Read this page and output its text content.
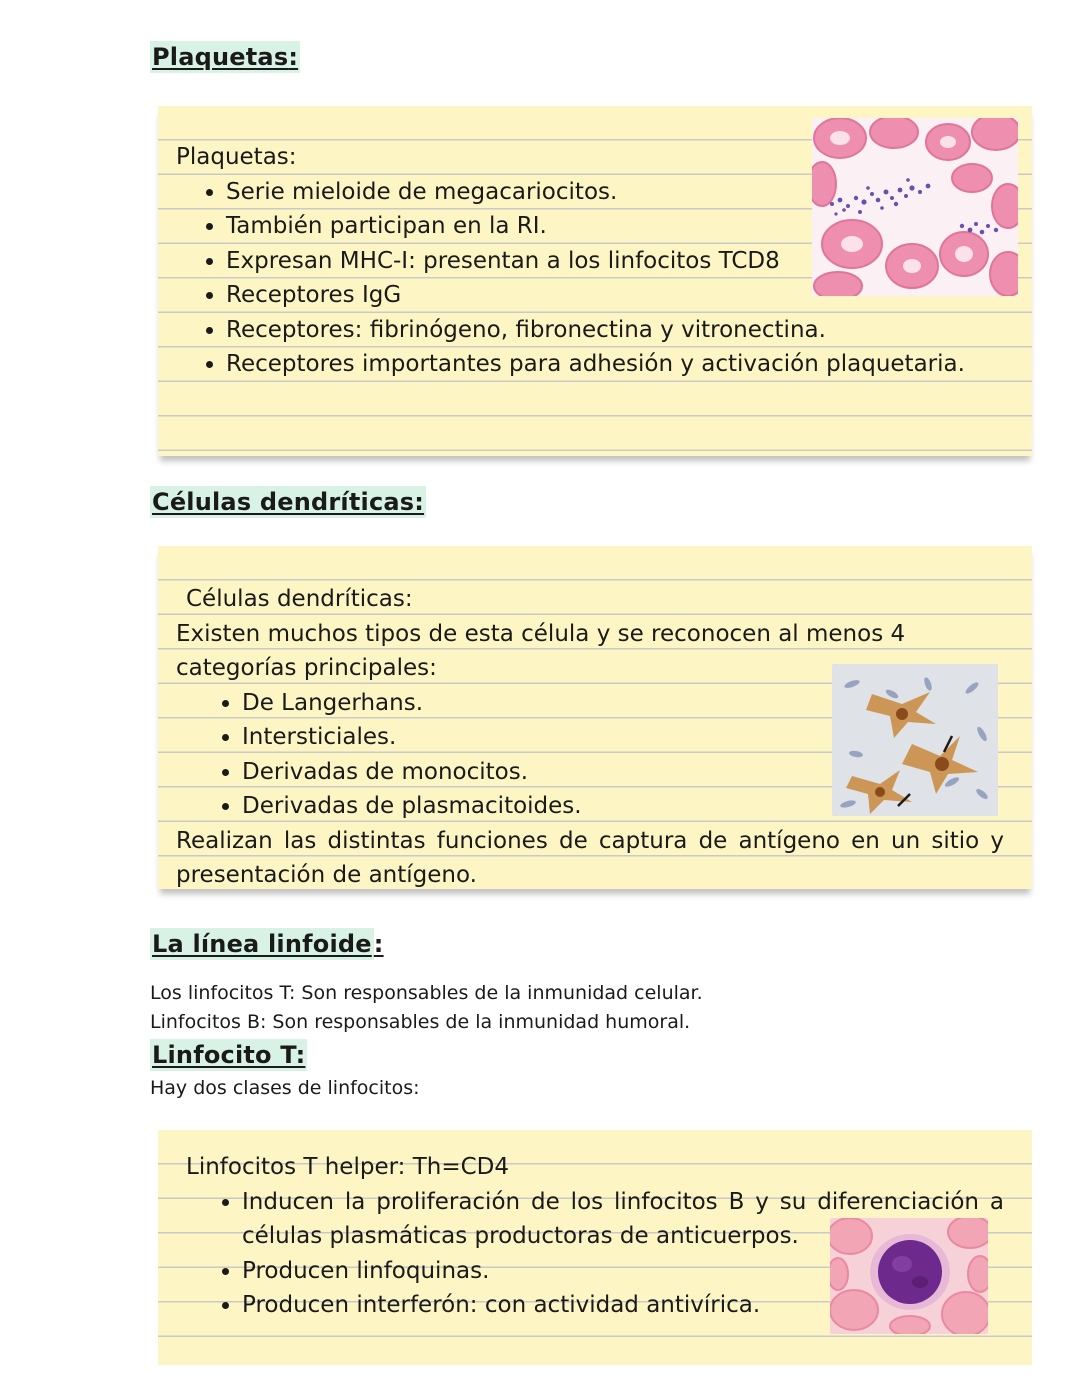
Plaquetas:

Plaquetas:

• Serie mieloide de megacariocitos.
• También participan en la RI.
• Expresan MHC-I: presentan a los linfocitos TCD8
• Receptores IgG
• Receptores: fibrinógeno, fibronectina y vitronectina.
• Receptores importantes para adhesión y activación plaquetaria.
Células dendríticas:

Células dendríticas:

Existen muchos tipos de esta célula y se reconocen al menos 4 categorías principales:

• De Langerhans.
• Intersticiales.
• Derivadas de monocitos.
• Derivadas de plasmacitoides.

Realizan las distintas funciones de captura de antígeno en un sitio y presentación de antígeno.

La línea linfoide:

Los linfocitos T: Son responsables de la inmunidad celular.

Linfocitos B: Son responsables de la inmunidad humoral.

Linfocito T:

Hay dos clases de linfocitos:

Linfocitos T helper: Th=CD4

• Inducen la proliferación de los linfocitos B y su diferenciación a células plasmáticas productoras de anticuerpos.
• Producen linfoquinas.
• Producen interferón: con actividad antivírica.
